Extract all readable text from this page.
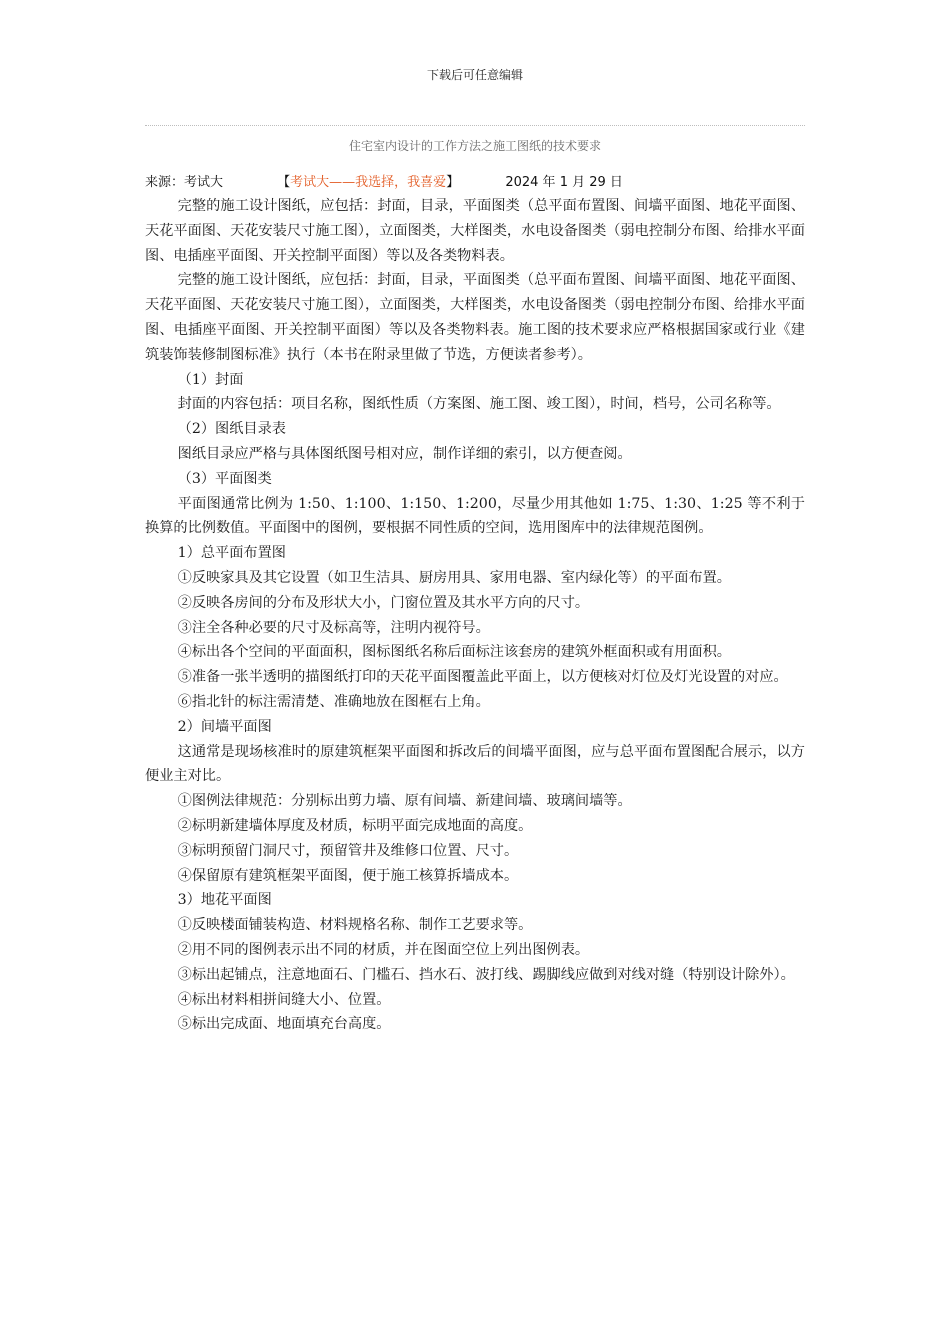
下载后可任意编辑
住宅室内设计的工作方法之施工图纸的技术要求
来源：考试大	【考试大——我选择，我喜爱】	2024 年 1 月 29 日

完整的施工设计图纸，应包括：封面，目录，平面图类（总平面布置图、间墙平面图、地花平面图、天花平面图、天花安装尺寸施工图），立面图类，大样图类，水电设备图类（弱电控制分布图、给排水平面图、电插座平面图、开关控制平面图）等以及各类物料表。

完整的施工设计图纸，应包括：封面，目录，平面图类（总平面布置图、间墙平面图、地花平面图、天花平面图、天花安装尺寸施工图），立面图类，大样图类，水电设备图类（弱电控制分布图、给排水平面图、电插座平面图、开关控制平面图）等以及各类物料表。施工图的技术要求应严格根据国家或行业《建筑装饰装修制图标准》执行（本书在附录里做了节选，方便读者参考）。

（1）封面

封面的内容包括：项目名称，图纸性质（方案图、施工图、竣工图），时间，档号，公司名称等。

（2）图纸目录表

图纸目录应严格与具体图纸图号相对应，制作详细的索引，以方便查阅。

（3）平面图类

平面图通常比例为 1:50、1:100、1:150、1:200，尽量少用其他如 1:75、1:30、1:25 等不利于换算的比例数值。平面图中的图例，要根据不同性质的空间，选用图库中的法律规范图例。

1）总平面布置图

①反映家具及其它设置（如卫生洁具、厨房用具、家用电器、室内绿化等）的平面布置。

②反映各房间的分布及形状大小，门窗位置及其水平方向的尺寸。

③注全各种必要的尺寸及标高等，注明内视符号。

④标出各个空间的平面面积，图标图纸名称后面标注该套房的建筑外框面积或有用面积。

⑤准备一张半透明的描图纸打印的天花平面图覆盖此平面上，以方便核对灯位及灯光设置的对应。

⑥指北针的标注需清楚、准确地放在图框右上角。

2）间墙平面图

这通常是现场核准时的原建筑框架平面图和拆改后的间墙平面图，应与总平面布置图配合展示，以方便业主对比。

①图例法律规范：分别标出剪力墙、原有间墙、新建间墙、玻璃间墙等。

②标明新建墙体厚度及材质，标明平面完成地面的高度。

③标明预留门洞尺寸，预留管井及维修口位置、尺寸。

④保留原有建筑框架平面图，便于施工核算拆墙成本。

3）地花平面图

①反映楼面铺装构造、材料规格名称、制作工艺要求等。

②用不同的图例表示出不同的材质，并在图面空位上列出图例表。

③标出起铺点，注意地面石、门槛石、挡水石、波打线、踢脚线应做到对线对缝（特别设计除外）。

④标出材料相拼间缝大小、位置。

⑤标出完成面、地面填充台高度。
